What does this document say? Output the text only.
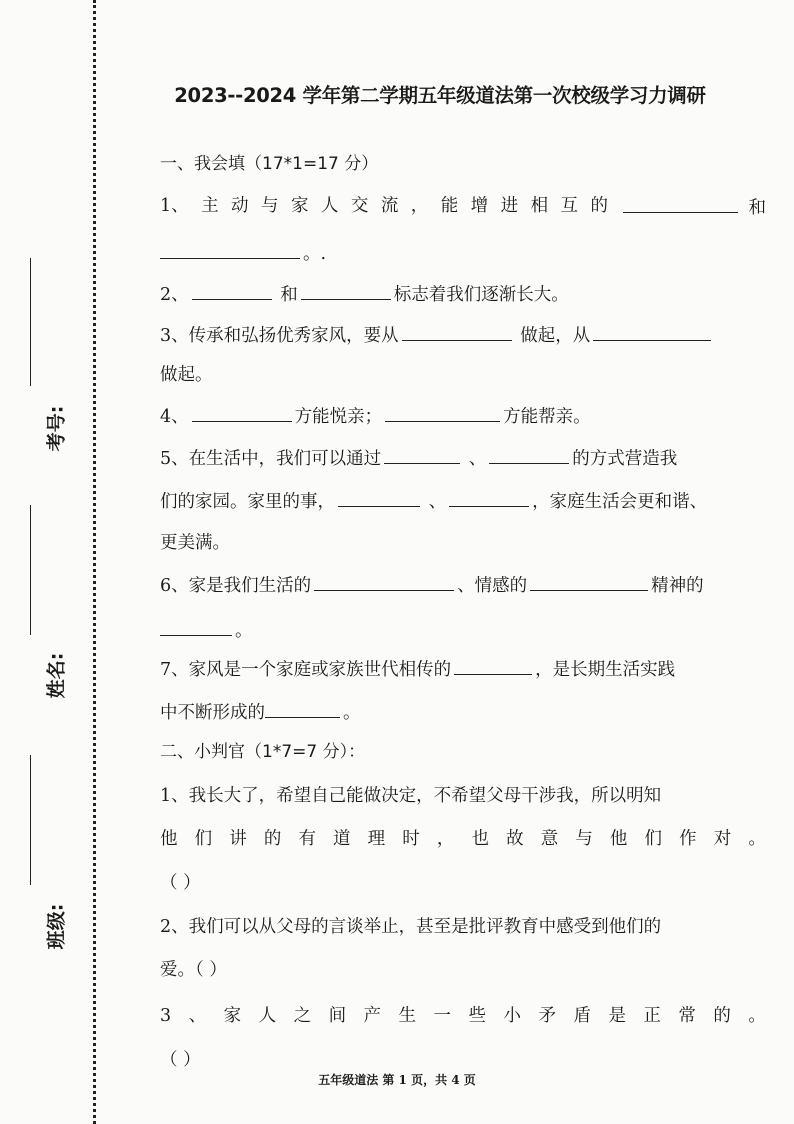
考号:
姓名:
班级:
2023--2024 学年第二学期五年级道法第一次校级学习力调研
一、我会填（17*1=17 分）
1、 主 动 与 家 人 交 流 ， 能 增 进 相 互 的	和
。.
2、	和	标志着我们逐渐长大。
3、传承和弘扬优秀家风，要从	做起，从
做起。
4、	方能悦亲；	方能帮亲。
5、在生活中，我们可以通过	、	的方式营造我
们的家园。家里的事，	、	，家庭生活会更和谐、
更美满。
6、家是我们生活的	、情感的	精神的
。
7、家风是一个家庭或家族世代相传的	，是长期生活实践
中不断形成的	。
二、小判官（1*7=7 分）：
1、我长大了，希望自己能做决定，不希望父母干涉我，所以明知
他 们 讲 的 有 道 理 时 ， 也 故 意 与 他 们 作 对 。
（ ）
2、我们可以从父母的言谈举止，甚至是批评教育中感受到他们的
爱。（ ）
3 、 家 人 之 间 产 生 一 些 小 矛 盾 是 正 常 的 。
（ ）
五年级道法 第 1 页，共 4 页
